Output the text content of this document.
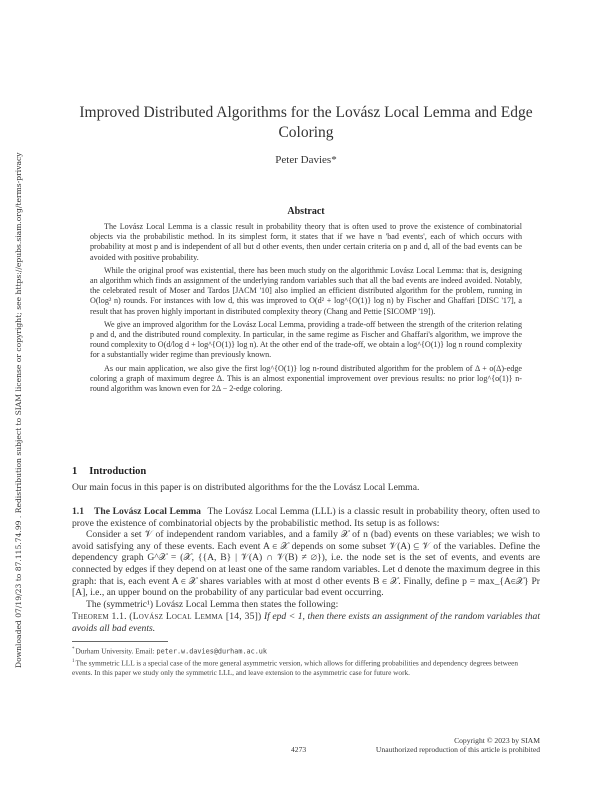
Downloaded 07/19/23 to 87.115.74.99 . Redistribution subject to SIAM license or copyright; see https://epubs.siam.org/terms-privacy
Improved Distributed Algorithms for the Lovász Local Lemma and Edge Coloring
Peter Davies*
Abstract

The Lovász Local Lemma is a classic result in probability theory that is often used to prove the existence of combinatorial objects via the probabilistic method. In its simplest form, it states that if we have n 'bad events', each of which occurs with probability at most p and is independent of all but d other events, then under certain criteria on p and d, all of the bad events can be avoided with positive probability.

While the original proof was existential, there has been much study on the algorithmic Lovász Local Lemma: that is, designing an algorithm which finds an assignment of the underlying random variables such that all the bad events are indeed avoided. Notably, the celebrated result of Moser and Tardos [JACM '10] also implied an efficient distributed algorithm for the problem, running in O(log² n) rounds. For instances with low d, this was improved to O(d² + log^{O(1)} log n) by Fischer and Ghaffari [DISC '17], a result that has proven highly important in distributed complexity theory (Chang and Pettie [SICOMP '19]).

We give an improved algorithm for the Lovász Local Lemma, providing a trade-off between the strength of the criterion relating p and d, and the distributed round complexity. In particular, in the same regime as Fischer and Ghaffari's algorithm, we improve the round complexity to O(d/log d + log^{O(1)} log n). At the other end of the trade-off, we obtain a log^{O(1)} log n round complexity for a substantially wider regime than previously known.

As our main application, we also give the first log^{O(1)} log n-round distributed algorithm for the problem of Δ + o(Δ)-edge coloring a graph of maximum degree Δ. This is an almost exponential improvement over previous results: no prior log^{o(1)} n-round algorithm was known even for 2Δ − 2-edge coloring.

1 Introduction

Our main focus in this paper is on distributed algorithms for the the Lovász Local Lemma.

1.1 The Lovász Local Lemma The Lovász Local Lemma (LLL) is a classic result in probability theory, often used to prove the existence of combinatorial objects by the probabilistic method. Its setup is as follows:

Consider a set 𝒱 of independent random variables, and a family 𝒳 of n (bad) events on these variables; we wish to avoid satisfying any of these events. Each event A ∈ 𝒳 depends on some subset 𝒱(A) ⊆ 𝒱 of the variables. Define the dependency graph G^𝒳 = (𝒳, {{A, B} | 𝒱(A) ∩ 𝒱(B) ≠ ∅}), i.e. the node set is the set of events, and events are connected by edges if they depend on at least one of the same random variables. Let d denote the maximum degree in this graph: that is, each event A ∈ 𝒳 shares variables with at most d other events B ∈ 𝒳. Finally, define p = max_{A∈𝒳} Pr [A], i.e., an upper bound on the probability of any particular bad event occurring.

The (symmetric¹) Lovász Local Lemma then states the following:

Theorem 1.1. (Lovász Local Lemma [14, 35]) If epd < 1, then there exists an assignment of the random variables that avoids all bad events.

*Durham University. Email: peter.w.davies@durham.ac.uk

$^1$The symmetric LLL is a special case of the more general asymmetric version, which allows for differing probabilities and dependency degrees between events. In this paper we study only the symmetric LLL, and leave extension to the asymmetric case for future work.

Copyright © 2023 by SIAM
4273	Unauthorized reproduction of this article is prohibited
